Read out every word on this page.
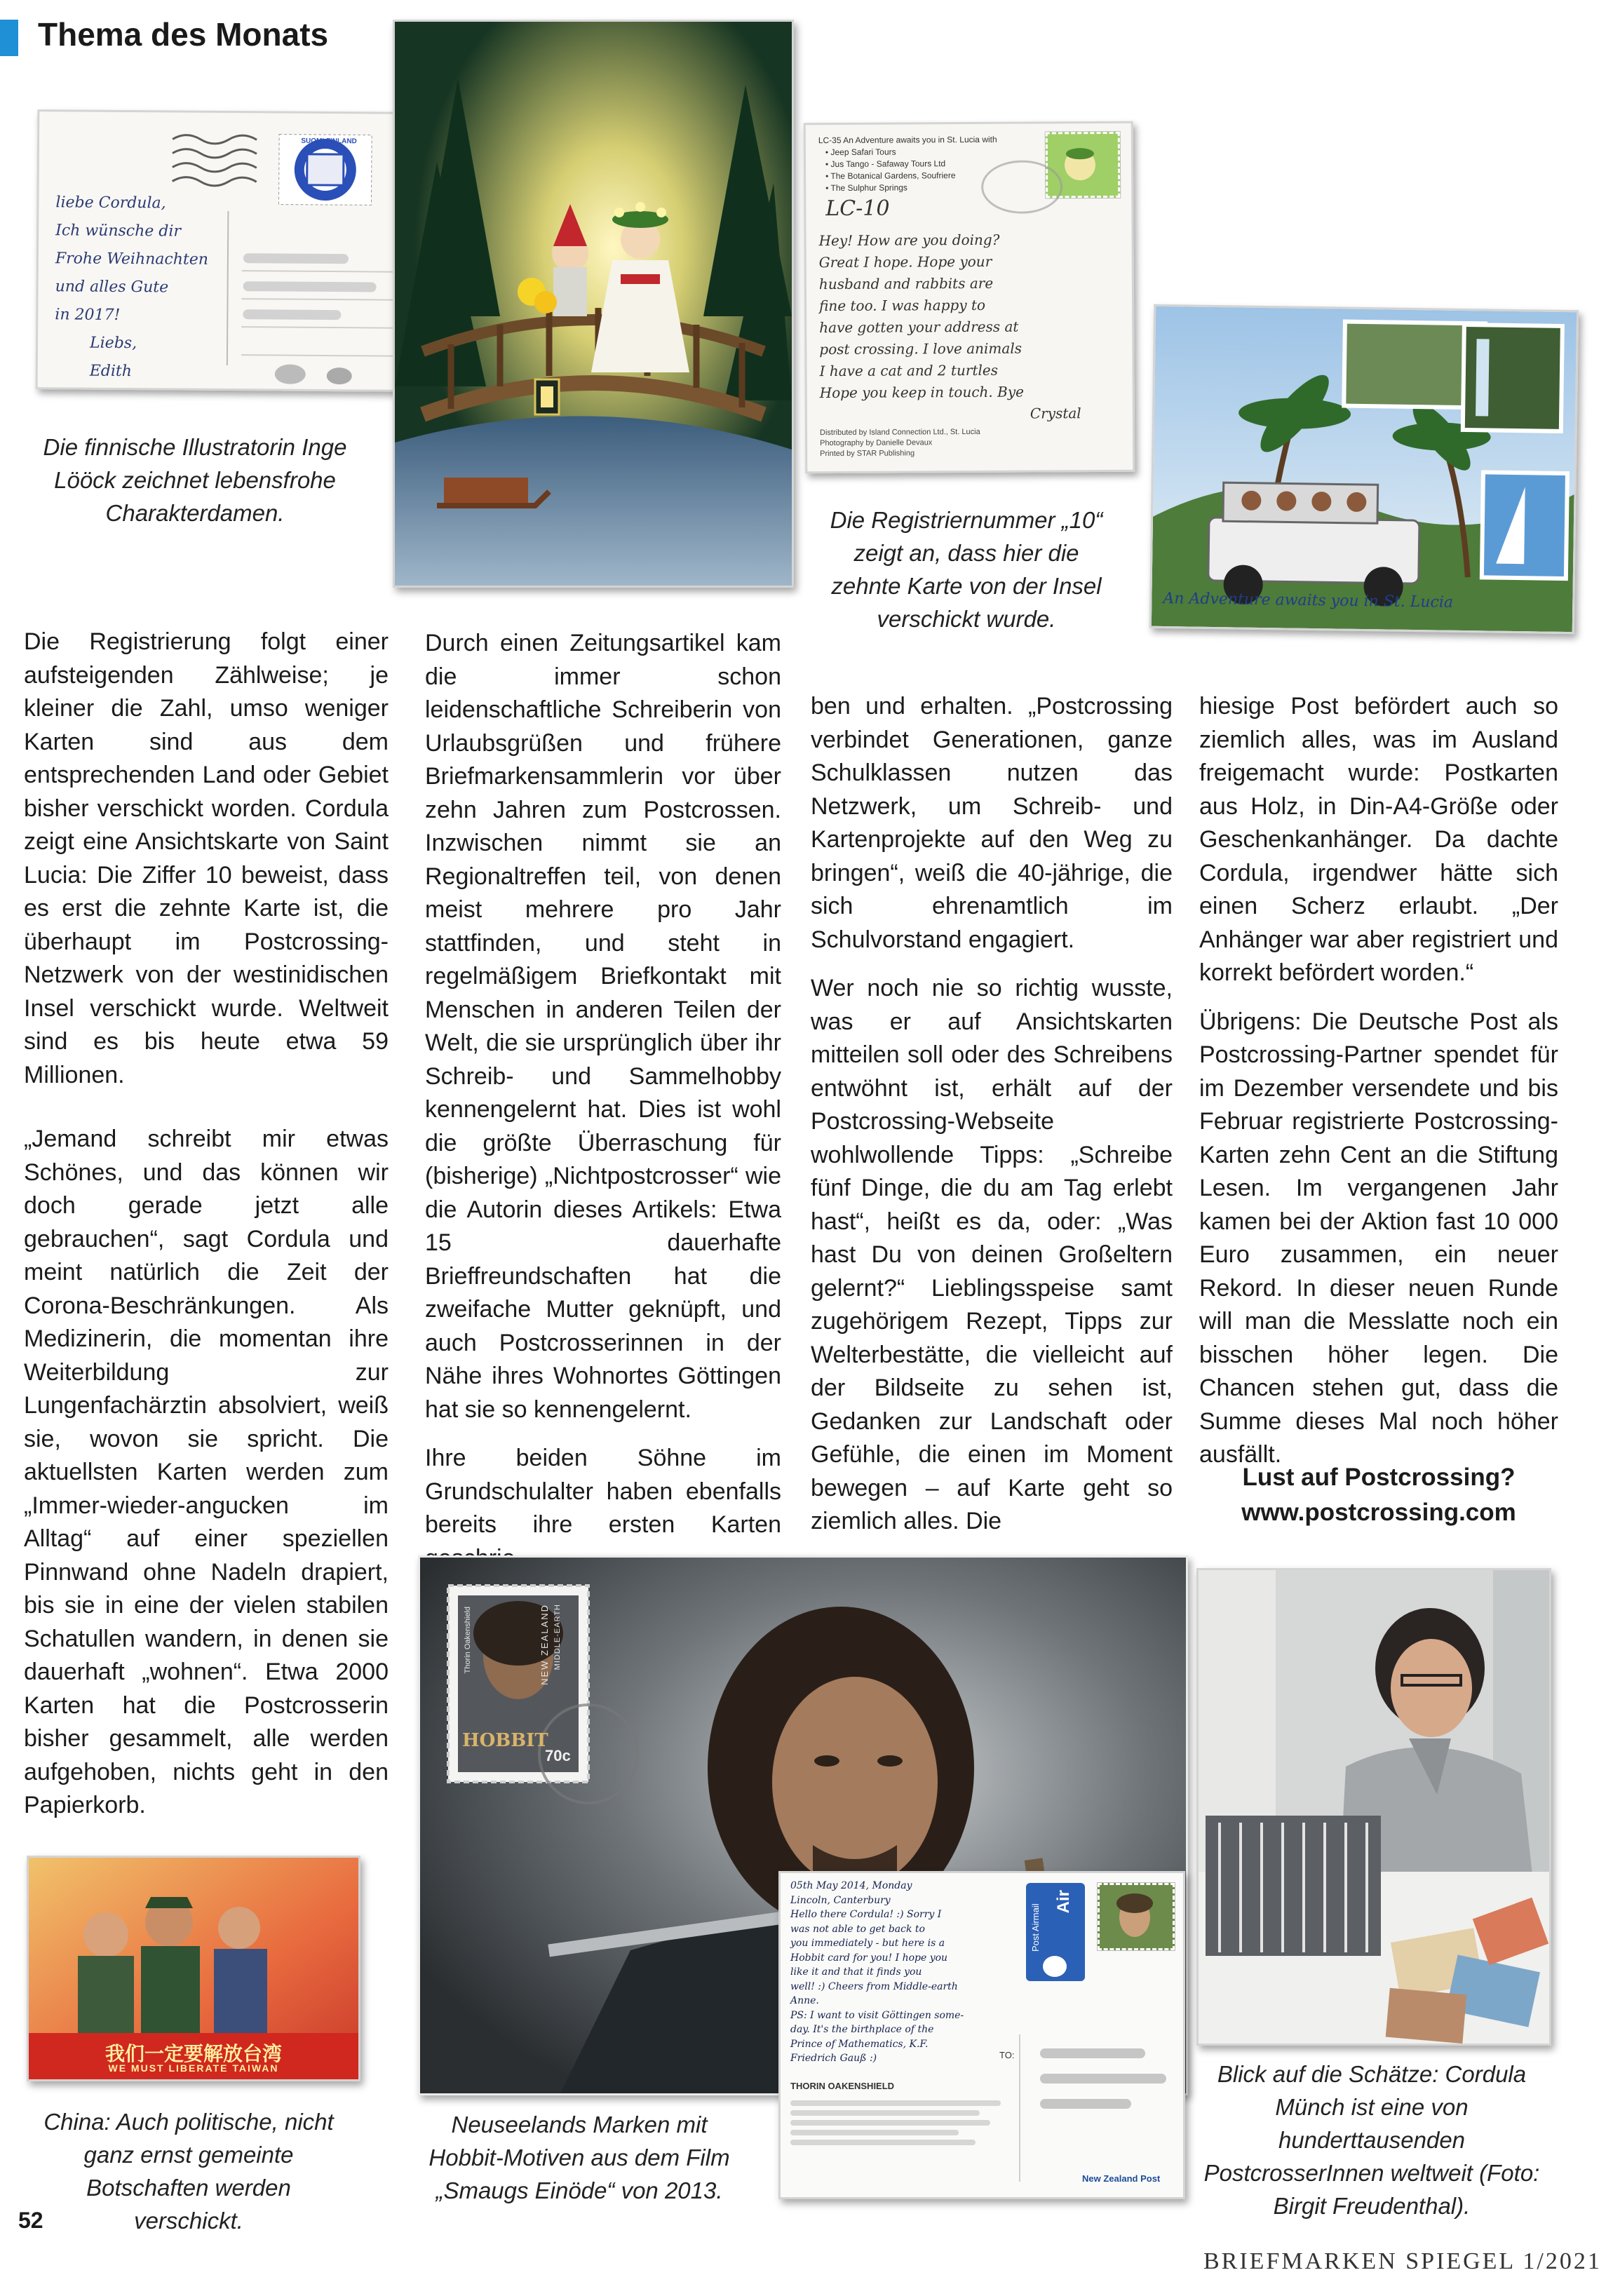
Thema des Monats
liebe Cordula,
Ich wünsche dir
Frohe Weihnachten
und alles Gute
in 2017!
Liebs,
Edith
SUOMI FINLAND
Die finnische Illustratorin Inge Lööck zeichnet lebensfrohe Charakterdamen.
LC-35 An Adventure awaits you in St. Lucia with
• Jeep Safari Tours
• Jus Tango - Safaway Tours Ltd
• The Botanical Gardens, Soufriere
• The Sulphur Springs
LC-10
Hey! How are you doing?
Great I hope. Hope your
husband and rabbits are
fine too. I was happy to
have gotten your address at
post crossing. I love animals
I have a cat and 2 turtles
Hope you keep in touch. Bye
Crystal
Distributed by Island Connection Ltd., St. Lucia
Photography by Danielle Devaux
Printed by STAR Publishing
Die Registriernummer „10“ zeigt an, dass hier die zehnte Karte von der Insel verschickt wurde.
An Adventure awaits you in St. Lucia

Die Registrierung folgt einer aufsteigenden Zählweise; je kleiner die Zahl, umso weniger Karten sind aus dem entsprechenden Land oder Gebiet bisher verschickt worden. Cordula zeigt eine Ansichtskarte von Saint Lucia: Die Ziffer 10 beweist, dass es erst die zehnte Karte ist, die überhaupt im Postcrossing-Netzwerk von der westinidischen Insel verschickt wurde. Weltweit sind es bis heute etwa 59 Millionen.

„Jemand schreibt mir etwas Schönes, und das können wir doch gerade jetzt alle gebrauchen“, sagt Cordula und meint natürlich die Zeit der Corona-Beschränkungen. Als Medizinerin, die momentan ihre Weiterbildung zur Lungenfachärztin absolviert, weiß sie, wovon sie spricht. Die aktuellsten Karten werden zum „Immer-wieder-angucken im Alltag“ auf einer speziellen Pinnwand ohne Nadeln drapiert, bis sie in eine der vielen stabilen Schatullen wandern, in denen sie dauerhaft „wohnen“. Etwa 2000 Karten hat die Postcrosserin bisher gesammelt, alle werden aufgehoben, nichts geht in den Papierkorb.

Durch einen Zeitungsartikel kam die immer schon leidenschaftliche Schreiberin von Urlaubsgrüßen und frühere Briefmarkensammlerin vor über zehn Jahren zum Postcrossen. Inzwischen nimmt sie an Regionaltreffen teil, von denen meist mehrere pro Jahr stattfinden, und steht in regelmäßigem Briefkontakt mit Menschen in anderen Teilen der Welt, die sie ursprünglich über ihr Schreib- und Sammelhobby kennengelernt hat. Dies ist wohl die größte Überraschung für (bisherige) „Nichtpostcrosser“ wie die Autorin dieses Artikels: Etwa 15 dauerhafte Brieffreundschaften hat die zweifache Mutter geknüpft, und auch Postcrosserinnen in der Nähe ihres Wohnortes Göttingen hat sie so kennengelernt.

Ihre beiden Söhne im Grundschulalter haben ebenfalls bereits ihre ersten Karten

ben und erhalten. „Postcrossing verbindet Generationen, ganze Schulklassen nutzen das Netzwerk, um Schreib- und Kartenprojekte auf den Weg zu bringen“, weiß die 40-jährige, die sich ehrenamtlich im Schulvorstand engagiert.

Wer noch nie so richtig wusste, was er auf Ansichtskarten mitteilen soll oder des Schreibens entwöhnt ist, erhält auf der Postcrossing-Webseite wohlwollende Tipps: „Schreibe fünf Dinge, die du am Tag erlebt hast“, heißt es da, oder: „Was hast Du von deinen Großeltern gelernt?“ Lieblingsspeise samt zugehörigem Rezept, Tipps zur Welterbestätte, die vielleicht auf der Bildseite zu sehen ist, Gedanken zur Landschaft oder Gefühle, die einen im Moment bewegen – auf Karte geht so ziemlich alles. Die

hiesige Post befördert auch so ziemlich alles, was im Ausland freigemacht wurde: Postkarten aus Holz, in Din-A4-Größe oder Geschenkanhänger. Da dachte Cordula, irgendwer hätte sich einen Scherz erlaubt. „Der Anhänger war aber registriert und korrekt befördert worden.“

Übrigens: Die Deutsche Post als Postcrossing-Partner spendet für im Dezember versendete und bis Februar registrierte Postcrossing-Karten zehn Cent an die Stiftung Lesen. Im vergangenen Jahr kamen bei der Aktion fast 10 000 Euro zusammen, ein neuer Rekord. In dieser neuen Runde will man die Messlatte noch ein bisschen höher legen. Die Chancen stehen gut, dass die Summe dieses Mal noch höher ausfällt.

Lust auf Postcrossing?
www.postcrossing.com
我们一定要解放台湾
WE MUST LIBERATE TAIWAN
China: Auch politische, nicht ganz ernst gemeinte Botschaften werden verschickt.
NEW ZEALAND MIDDLE-EARTH
HOBBIT
70c
Thorin Oakenshield
05th May 2014, Monday
Lincoln, Canterbury
Hello there Cordula! :) Sorry I
was not able to get back to
you immediately - but here is a
Hobbit card for you! I hope you
like it and that it finds you
well! :) Cheers from Middle-earth
Anne.
PS: I want to visit Göttingen some-
day. It's the birthplace of the
Prince of Mathematics, K.F.
Friedrich Gauß :)
Post Airmail
Air
TO:
THORIN OAKENSHIELD
New Zealand Post
Neuseelands Marken mit Hobbit-Motiven aus dem Film „Smaugs Einöde“ von 2013.
Blick auf die Schätze: Cordula Münch ist eine von hunderttausenden PostcrosserInnen weltweit (Foto: Birgit Freudenthal).

52

BRIEFMARKEN SPIEGEL 1/2021
